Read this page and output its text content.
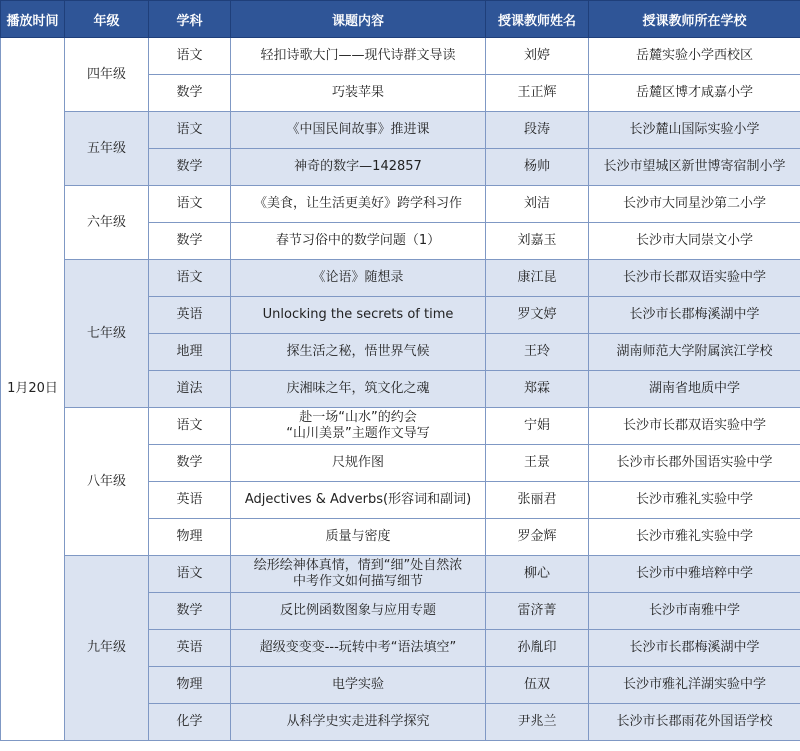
播放时间	年级	学科	课题内容	授课教师姓名	授课教师所在学校
1月20日	四年级	语文	轻扣诗歌大门——现代诗群文导读	刘婷	岳麓实验小学西校区
		数学	巧装苹果	王正辉	岳麓区博才咸嘉小学
	五年级	语文	《中国民间故事》推进课	段涛	长沙麓山国际实验小学
		数学	神奇的数字—142857	杨帅	长沙市望城区新世博寄宿制小学
	六年级	语文	《美食，让生活更美好》跨学科习作	刘洁	长沙市大同星沙第二小学
		数学	春节习俗中的数学问题（1）	刘嘉玉	长沙市大同崇文小学
	七年级	语文	《论语》随想录	康江昆	长沙市长郡双语实验中学
		英语	Unlocking the secrets of time	罗文婷	长沙市长郡梅溪湖中学
		地理	探生活之秘，悟世界气候	王玲	湖南师范大学附属滨江学校
		道法	庆湘味之年，筑文化之魂	郑霖	湖南省地质中学
	八年级	语文	赴一场“山水”的约会
“山川美景”主题作文导写	宁娟	长沙市长郡双语实验中学
		数学	尺规作图	王景	长沙市长郡外国语实验中学
		英语	Adjectives & Adverbs(形容词和副词)	张丽君	长沙市雅礼实验中学
		物理	质量与密度	罗金辉	长沙市雅礼实验中学
	九年级	语文	绘形绘神体真情，情到“细”处自然浓
中考作文如何描写细节	柳心	长沙市中雅培粹中学
		数学	反比例函数图象与应用专题	雷济菁	长沙市南雅中学
		英语	超级变变变---玩转中考“语法填空”	孙胤印	长沙市长郡梅溪湖中学
		物理	电学实验	伍双	长沙市雅礼洋湖实验中学
		化学	从科学史实走进科学探究	尹兆兰	长沙市长郡雨花外国语学校
